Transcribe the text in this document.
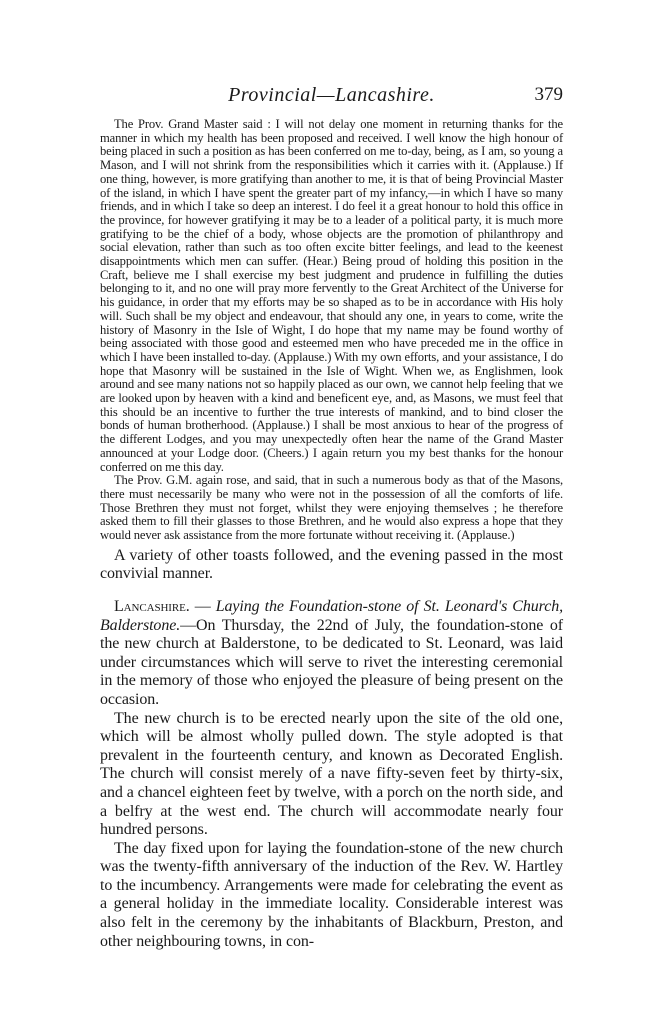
Provincial—Lancashire.	379

The Prov. Grand Master said : I will not delay one moment in returning thanks for the manner in which my health has been proposed and received. I well know the high honour of being placed in such a position as has been conferred on me to-day, being, as I am, so young a Mason, and I will not shrink from the responsibilities which it carries with it. (Applause.) If one thing, however, is more gratifying than another to me, it is that of being Provincial Master of the island, in which I have spent the greater part of my infancy,—in which I have so many friends, and in which I take so deep an interest. I do feel it a great honour to hold this office in the province, for however gratifying it may be to a leader of a political party, it is much more gratifying to be the chief of a body, whose objects are the promotion of philanthropy and social elevation, rather than such as too often excite bitter feelings, and lead to the keenest disappointments which men can suffer. (Hear.) Being proud of holding this position in the Craft, believe me I shall exercise my best judgment and prudence in fulfilling the duties belonging to it, and no one will pray more fervently to the Great Architect of the Universe for his guidance, in order that my efforts may be so shaped as to be in accordance with His holy will. Such shall be my object and endeavour, that should any one, in years to come, write the history of Masonry in the Isle of Wight, I do hope that my name may be found worthy of being associated with those good and esteemed men who have preceded me in the office in which I have been installed to-day. (Applause.) With my own efforts, and your assistance, I do hope that Masonry will be sustained in the Isle of Wight. When we, as Englishmen, look around and see many nations not so happily placed as our own, we cannot help feeling that we are looked upon by heaven with a kind and beneficent eye, and, as Masons, we must feel that this should be an incentive to further the true interests of mankind, and to bind closer the bonds of human brotherhood. (Applause.) I shall be most anxious to hear of the progress of the different Lodges, and you may unexpectedly often hear the name of the Grand Master announced at your Lodge door. (Cheers.) I again return you my best thanks for the honour conferred on me this day.

The Prov. G.M. again rose, and said, that in such a numerous body as that of the Masons, there must necessarily be many who were not in the possession of all the comforts of life. Those Brethren they must not forget, whilst they were enjoying themselves ; he therefore asked them to fill their glasses to those Brethren, and he would also express a hope that they would never ask assistance from the more fortunate without receiving it. (Applause.)

A variety of other toasts followed, and the evening passed in the most convivial manner.

Lancashire. — Laying the Foundation-stone of St. Leonard's Church, Balderstone.—On Thursday, the 22nd of July, the foundation-stone of the new church at Balderstone, to be dedicated to St. Leonard, was laid under circumstances which will serve to rivet the interesting ceremonial in the memory of those who enjoyed the pleasure of being present on the occasion.

The new church is to be erected nearly upon the site of the old one, which will be almost wholly pulled down. The style adopted is that prevalent in the fourteenth century, and known as Decorated English. The church will consist merely of a nave fifty-seven feet by thirty-six, and a chancel eighteen feet by twelve, with a porch on the north side, and a belfry at the west end. The church will accommodate nearly four hundred persons.

The day fixed upon for laying the foundation-stone of the new church was the twenty-fifth anniversary of the induction of the Rev. W. Hartley to the incumbency. Arrangements were made for celebrating the event as a general holiday in the immediate locality. Considerable interest was also felt in the ceremony by the inhabitants of Blackburn, Preston, and other neighbouring towns, in con-
